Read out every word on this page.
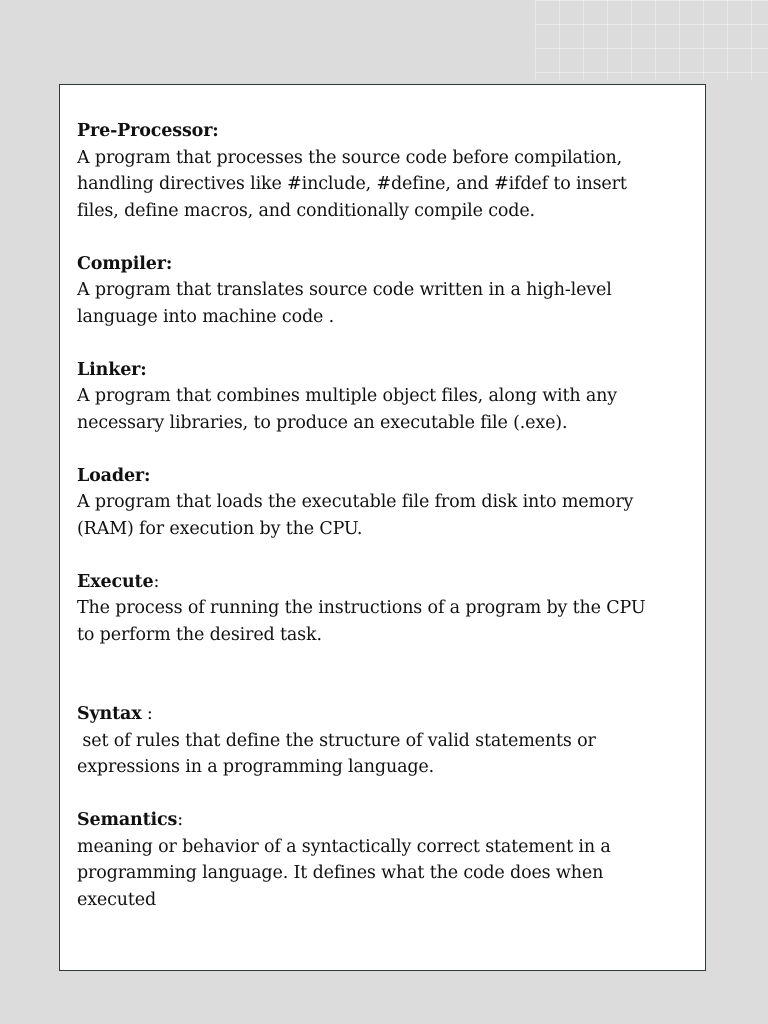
Pre-Processor:
A program that processes the source code before compilation,
handling directives like #include, #define, and #ifdef to insert
files, define macros, and conditionally compile code.
Compiler:
A program that translates source code written in a high-level
language into machine code .
Linker:
A program that combines multiple object files, along with any
necessary libraries, to produce an executable file (.exe).
Loader:
A program that loads the executable file from disk into memory
(RAM) for execution by the CPU.
Execute:
The process of running the instructions of a program by the CPU
to perform the desired task.
Syntax :
set of rules that define the structure of valid statements or
expressions in a programming language.
Semantics:
meaning or behavior of a syntactically correct statement in a
programming language. It defines what the code does when
executed
